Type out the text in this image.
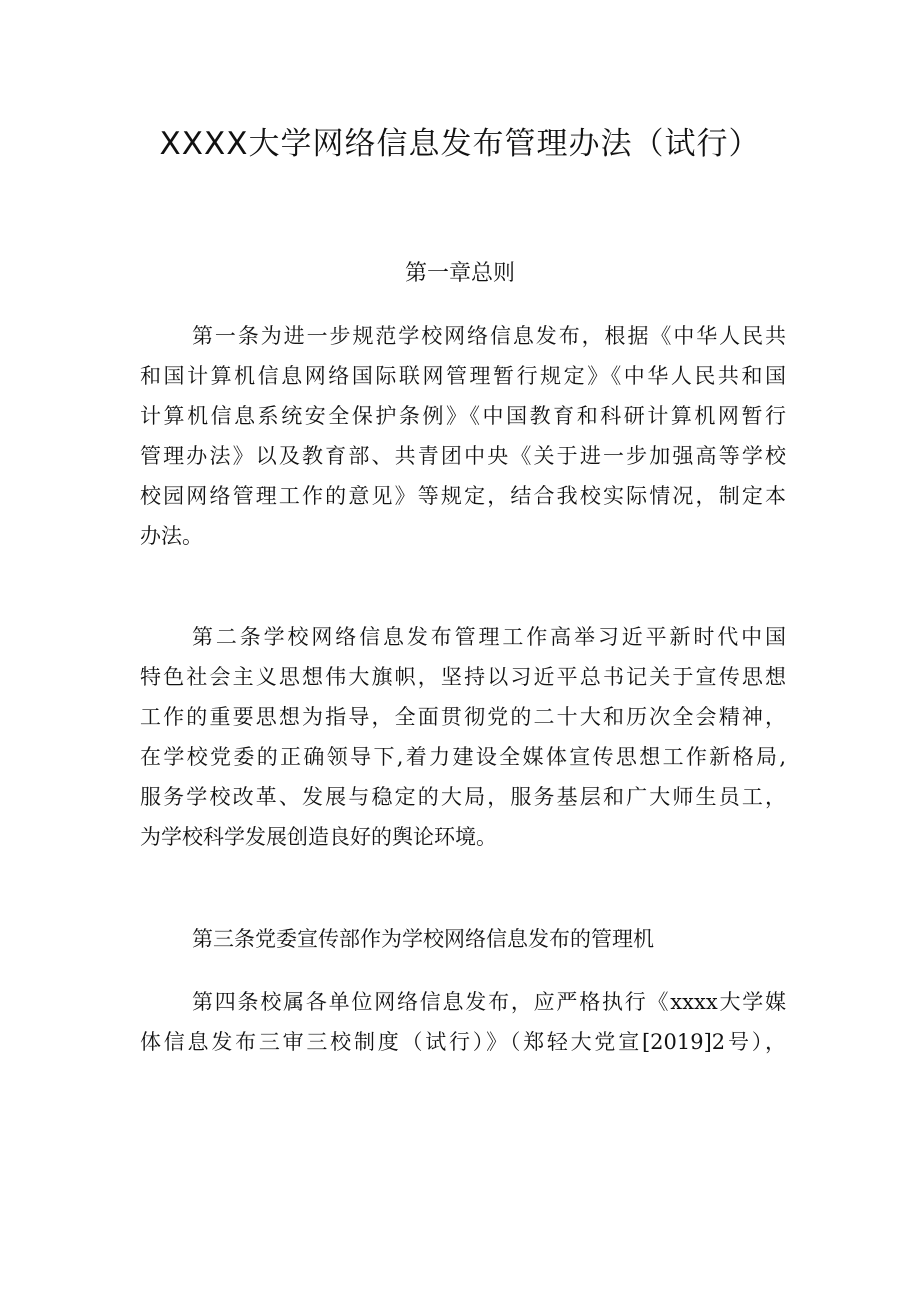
XXXX大学网络信息发布管理办法（试行）
第一章总则
第一条为进一步规范学校网络信息发布，根据《中华人民共
和国计算机信息网络国际联网管理暂行规定》《中华人民共和国
计算机信息系统安全保护条例》《中国教育和科研计算机网暂行
管理办法》以及教育部、共青团中央《关于进一步加强高等学校
校园网络管理工作的意见》等规定，结合我校实际情况，制定本
办法。
第二条学校网络信息发布管理工作高举习近平新时代中国
特色社会主义思想伟大旗帜，坚持以习近平总书记关于宣传思想
工作的重要思想为指导，全面贯彻党的二十大和历次全会精神，
在学校党委的正确领导下,着力建设全媒体宣传思想工作新格局,
服务学校改革、发展与稳定的大局，服务基层和广大师生员工，
为学校科学发展创造良好的舆论环境。
第三条党委宣传部作为学校网络信息发布的管理机
第四条校属各单位网络信息发布，应严格执行《xxxx大学媒
体信息发布三审三校制度（试行）》（郑轻大党宣[2019]2号），
